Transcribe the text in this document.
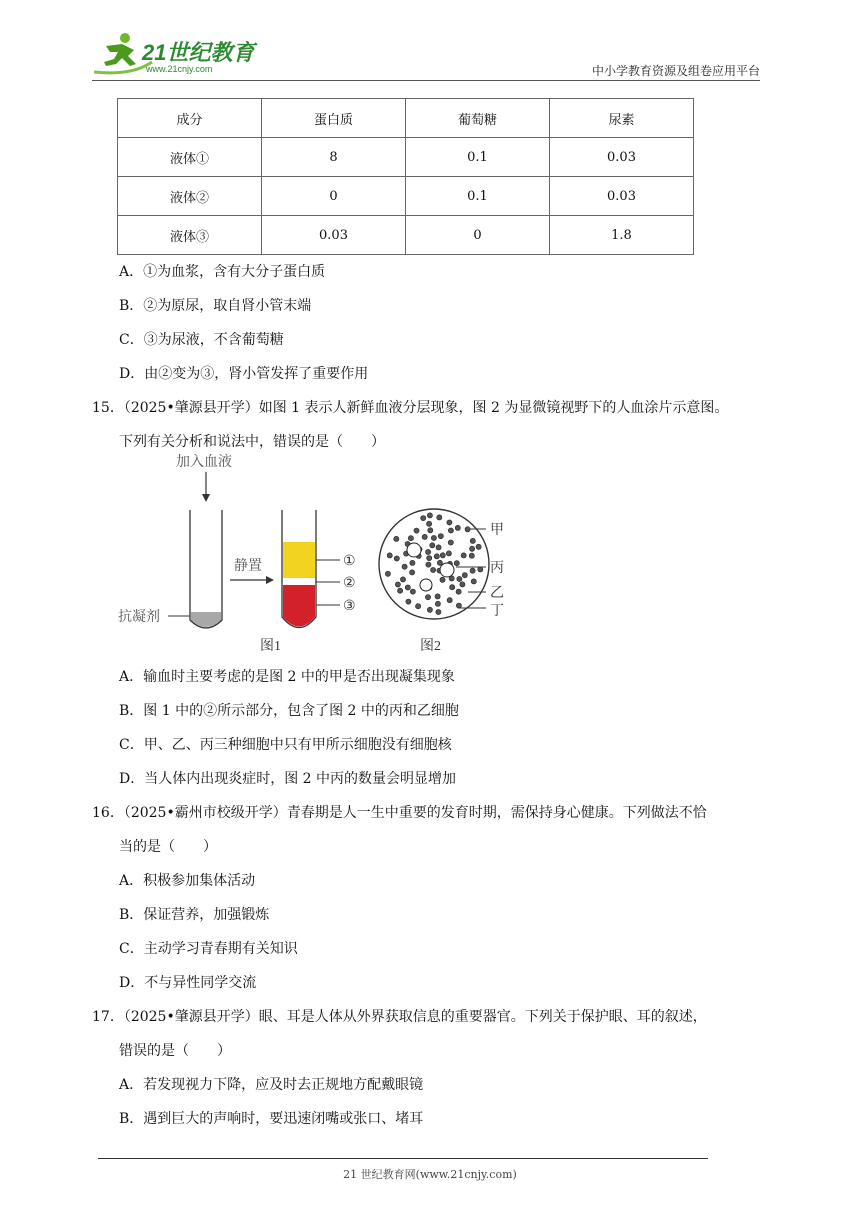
21世纪教育
www.21cnjy.com	中小学教育资源及组卷应用平台
成分	蛋白质	葡萄糖	尿素
液体①	8	0.1	0.03
液体②	0	0.1	0.03
液体③	0.03	0	1.8
A．①为血浆，含有大分子蛋白质
B．②为原尿，取自肾小管末端
C．③为尿液，不含葡萄糖
D．由②变为③，肾小管发挥了重要作用
15．（2025•肇源县开学）如图 1 表示人新鲜血液分层现象，图 2 为显微镜视野下的人血涂片示意图。
下列有关分析和说法中，错误的是（　　）
加入血液
抗凝剂
静置	①
②
③
甲
丙
乙
丁
图1	图2
A．输血时主要考虑的是图 2 中的甲是否出现凝集现象
B．图 1 中的②所示部分，包含了图 2 中的丙和乙细胞
C．甲、乙、丙三种细胞中只有甲所示细胞没有细胞核
D．当人体内出现炎症时，图 2 中丙的数量会明显增加
16．（2025•霸州市校级开学）青春期是人一生中重要的发育时期，需保持身心健康。下列做法不恰
当的是（　　）
A．积极参加集体活动
B．保证营养，加强锻炼
C．主动学习青春期有关知识
D．不与异性同学交流
17．（2025•肇源县开学）眼、耳是人体从外界获取信息的重要器官。下列关于保护眼、耳的叙述，
错误的是（　　）
A．若发现视力下降，应及时去正规地方配戴眼镜
B．遇到巨大的声响时，要迅速闭嘴或张口、堵耳
21 世纪教育网(www.21cnjy.com)
